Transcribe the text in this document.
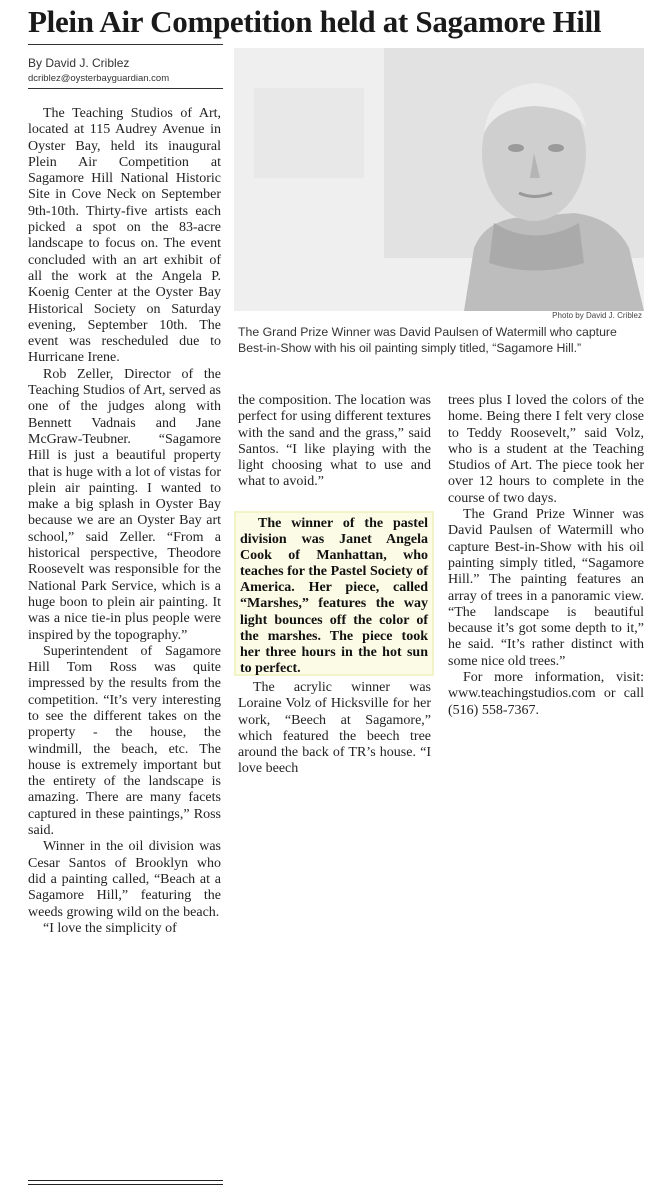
Plein Air Competition held at Sagamore Hill
By David J. Criblez
dcriblez@oysterbayguardian.com

The Teaching Studios of Art, located at 115 Audrey Avenue in Oyster Bay, held its inaugural Plein Air Competition at Sagamore Hill National Historic Site in Cove Neck on September 9th-10th. Thirty-five artists each picked a spot on the 83-acre landscape to focus on. The event concluded with an art exhibit of all the work at the Angela P. Koenig Center at the Oyster Bay Historical Society on Saturday evening, September 10th. The event was rescheduled due to Hurricane Irene.

Rob Zeller, Director of the Teaching Studios of Art, served as one of the judges along with Bennett Vadnais and Jane McGraw-Teubner. “Sagamore Hill is just a beautiful property that is huge with a lot of vistas for plein air painting. I wanted to make a big splash in Oyster Bay because we are an Oyster Bay art school,” said Zeller. “From a historical perspective, Theodore Roosevelt was responsible for the National Park Service, which is a huge boon to plein air painting. It was a nice tie-in plus people were inspired by the topography.”

Superintendent of Sagamore Hill Tom Ross was quite impressed by the results from the competition. “It’s very interesting to see the different takes on the property - the house, the windmill, the beach, etc. The house is extremely important but the entirety of the landscape is amazing. There are many facets captured in these paintings,” Ross said.

Winner in the oil division was Cesar Santos of Brooklyn who did a painting called, “Beach at a Sagamore Hill,” featuring the weeds growing wild on the beach.

“I love the simplicity of

Photo by David J. Criblez
The Grand Prize Winner was David Paulsen of Watermill who capture Best-in-Show with his oil painting simply titled, “Sagamore Hill.”

the composition. The location was perfect for using different textures with the sand and the grass,” said Santos. “I like playing with the light choosing what to use and what to avoid.”

The winner of the pastel division was Janet Angela Cook of Manhattan, who teaches for the Pastel Society of America. Her piece, called “Marshes,” features the way light bounces off the color of the marshes. The piece took her three hours in the hot sun to perfect.

The acrylic winner was Loraine Volz of Hicksville for her work, “Beech at Sagamore,” which featured the beech tree around the back of TR’s house. “I love beech

trees plus I loved the colors of the home. Being there I felt very close to Teddy Roosevelt,” said Volz, who is a student at the Teaching Studios of Art. The piece took her over 12 hours to complete in the course of two days.

The Grand Prize Winner was David Paulsen of Watermill who capture Best-in-Show with his oil painting simply titled, “Sagamore Hill.” The painting features an array of trees in a panoramic view. “The landscape is beautiful because it’s got some depth to it,” he said. “It’s rather distinct with some nice old trees.”

For more information, visit: www.teachingstudios.com or call (516) 558-7367.
